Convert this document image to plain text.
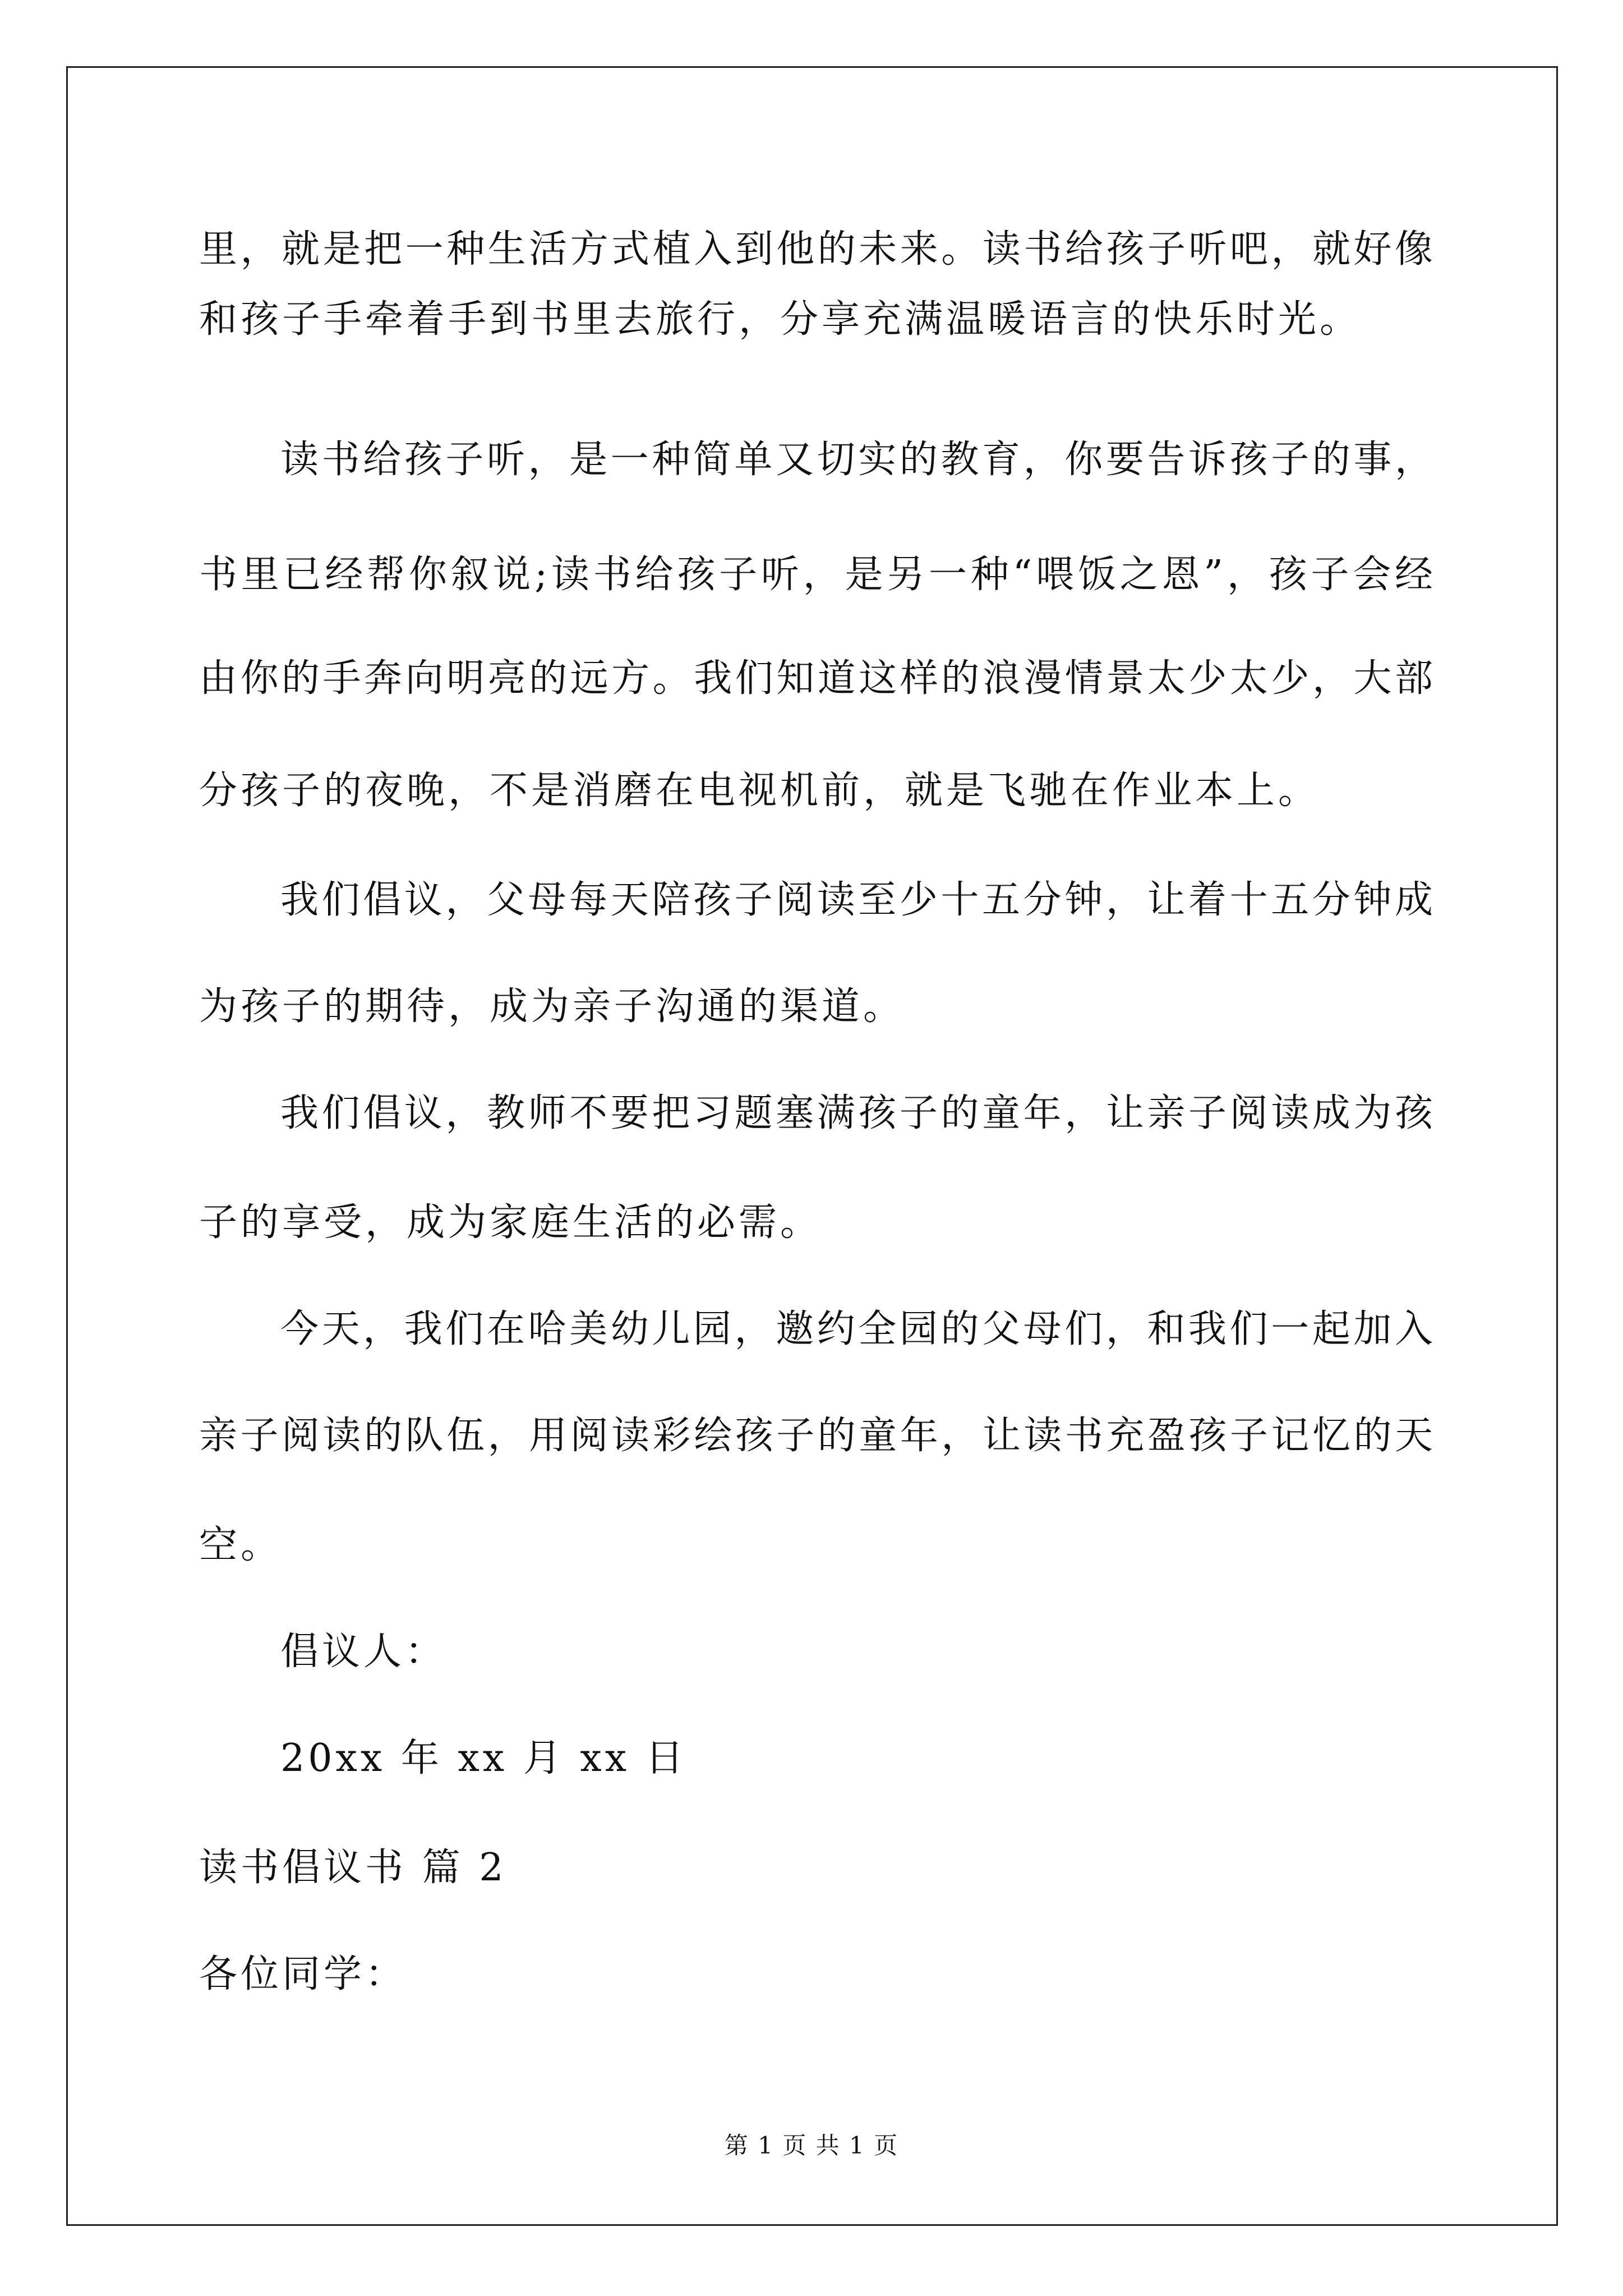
里，就是把一种生活方式植入到他的未来。读书给孩子听吧，就好像
和孩子手牵着手到书里去旅行，分享充满温暖语言的快乐时光。
读书给孩子听，是一种简单又切实的教育，你要告诉孩子的事，
书里已经帮你叙说;读书给孩子听，是另一种“喂饭之恩”，孩子会经
由你的手奔向明亮的远方。我们知道这样的浪漫情景太少太少，大部
分孩子的夜晚，不是消磨在电视机前，就是飞驰在作业本上。
我们倡议，父母每天陪孩子阅读至少十五分钟，让着十五分钟成
为孩子的期待，成为亲子沟通的渠道。
我们倡议，教师不要把习题塞满孩子的童年，让亲子阅读成为孩
子的享受，成为家庭生活的必需。
今天，我们在哈美幼儿园，邀约全园的父母们，和我们一起加入
亲子阅读的队伍，用阅读彩绘孩子的童年，让读书充盈孩子记忆的天
空。
倡议人：
20xx 年 xx 月 xx 日
读书倡议书 篇 2
各位同学：
第 1 页 共 1 页
